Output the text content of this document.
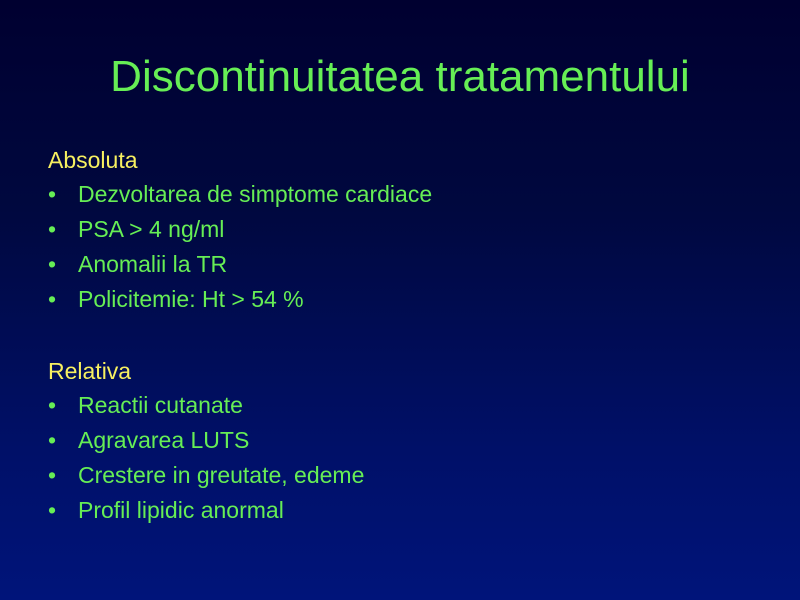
Discontinuitatea tratamentului
Absoluta
• Dezvoltarea de simptome cardiace
• PSA > 4 ng/ml
• Anomalii la TR
• Policitemie: Ht > 54 %
Relativa
• Reactii cutanate
• Agravarea LUTS
• Crestere in greutate, edeme
• Profil lipidic anormal
